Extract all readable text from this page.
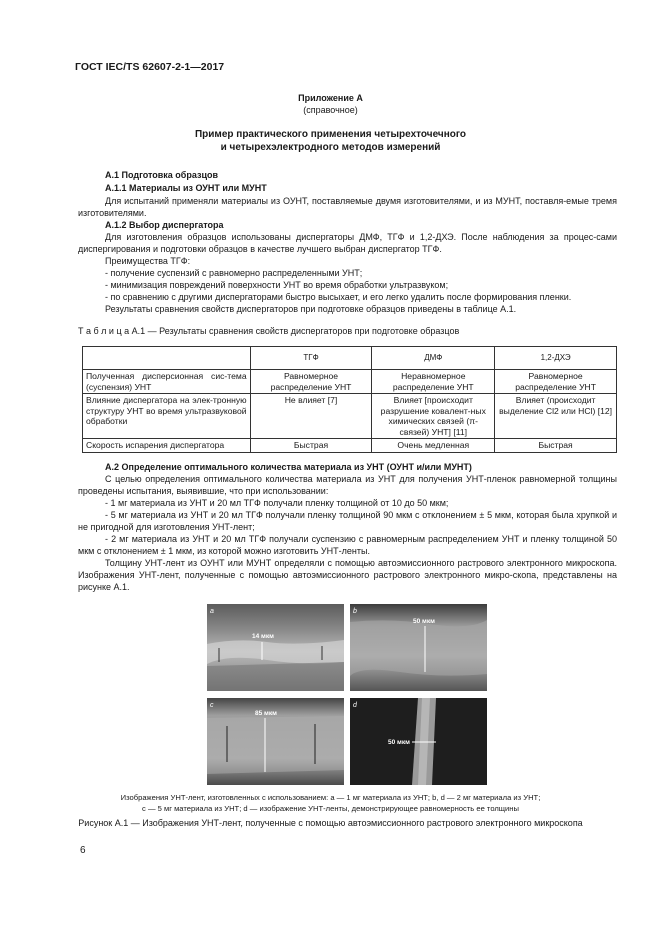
ГОСТ IEC/TS 62607-2-1—2017
Приложение А
(справочное)
Пример практического применения четырехточечного
и четырехэлектродного методов измерений
А.1 Подготовка образцов
А.1.1 Материалы из ОУНТ или МУНТ
Для испытаний применяли материалы из ОУНТ, поставляемые двумя изготовителями, и из МУНТ, поставля-емые тремя изготовителями.
А.1.2 Выбор диспергатора
Для изготовления образцов использованы диспергаторы ДМФ, ТГФ и 1,2-ДХЭ. После наблюдения за процес-сами диспергирования и подготовки образцов в качестве лучшего выбран диспергатор ТГФ.
Преимущества ТГФ:
- получение суспензий с равномерно распределенными УНТ;
- минимизация повреждений поверхности УНТ во время обработки ультразвуком;
- по сравнению с другими диспергаторами быстро высыхает, и его легко удалить после формирования пленки.
Результаты сравнения свойств диспергаторов при подготовке образцов приведены в таблице А.1.
Т а б л и ц а А.1 — Результаты сравнения свойств диспергаторов при подготовке образцов
	ТГФ	ДМФ	1,2-ДХЭ
Полученная дисперсионная сис-тема (суспензия) УНТ	Равномерное распределение УНТ	Неравномерное распределение УНТ	Равномерное распределение УНТ
Влияние диспергатора на элек-тронную структуру УНТ во время ультразвуковой обработки	Не влияет [7]	Влияет [происходит разрушение ковалент-ных химических связей (π-связей) УНТ] [11]	Влияет (происходит выделение Cl2 или HCl) [12]
Скорость испарения диспергатора	Быстрая	Очень медленная	Быстрая
А.2 Определение оптимального количества материала из УНТ (ОУНТ и/или МУНТ)
С целью определения оптимального количества материала из УНТ для получения УНТ-пленок равномерной толщины проведены испытания, выявившие, что при использовании:
- 1 мг материала из УНТ и 20 мл ТГФ получали пленку толщиной от 10 до 50 мкм;
- 5 мг материала из УНТ и 20 мл ТГФ получали пленку толщиной 90 мкм с отклонением ± 5 мкм, которая была хрупкой и не пригодной для изготовления УНТ-лент;
- 2 мг материала из УНТ и 20 мл ТГФ получали суспензию с равномерным распределением УНТ и пленку толщиной 50 мкм с отклонением ± 1 мкм, из которой можно изготовить УНТ-ленты.
Толщину УНТ-лент из ОУНТ или МУНТ определяли с помощью автоэмиссионного растрового электронного микроскопа. Изображения УНТ-лент, полученные с помощью автоэмиссионного растрового электронного микро-скопа, представлены на рисунке А.1.
a
14 мкм
b
50 мкм
c
85 мкм
d
50 мкм
Изображения УНТ-лент, изготовленных с использованием: a — 1 мг материала из УНТ; b, d — 2 мг материала из УНТ;
c — 5 мг материала из УНТ; d — изображение УНТ-ленты, демонстрирующее равномерность ее толщины
Рисунок А.1 — Изображения УНТ-лент, полученные с помощью автоэмиссионного растрового электронного микроскопа
6
